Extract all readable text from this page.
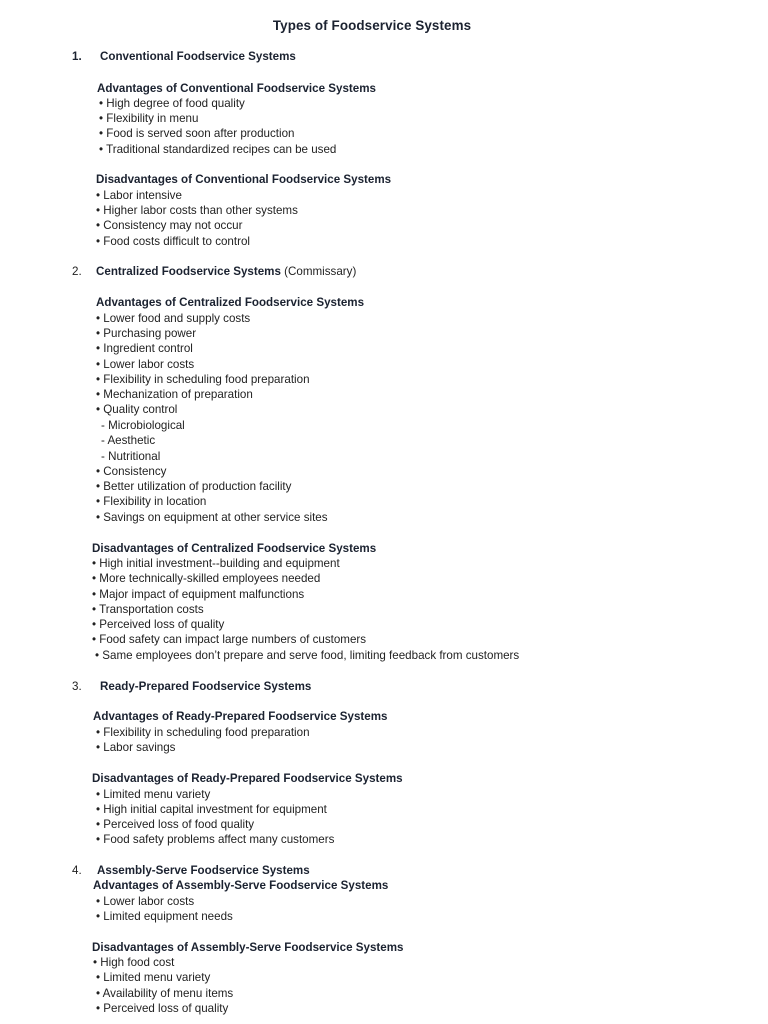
Types of Foodservice Systems
1. Conventional Foodservice Systems
Advantages of Conventional Foodservice Systems
• High degree of food quality
• Flexibility in menu
• Food is served soon after production
• Traditional standardized recipes can be used
Disadvantages of Conventional Foodservice Systems
• Labor intensive
• Higher labor costs than other systems
• Consistency may not occur
• Food costs difficult to control
2. Centralized Foodservice Systems (Commissary)
Advantages of Centralized Foodservice Systems
• Lower food and supply costs
• Purchasing power
• Ingredient control
• Lower labor costs
• Flexibility in scheduling food preparation
• Mechanization of preparation
• Quality control
- Microbiological
- Aesthetic
- Nutritional
• Consistency
• Better utilization of production facility
• Flexibility in location
• Savings on equipment at other service sites
Disadvantages of Centralized Foodservice Systems
• High initial investment--building and equipment
• More technically-skilled employees needed
• Major impact of equipment malfunctions
• Transportation costs
• Perceived loss of quality
• Food safety can impact large numbers of customers
• Same employees don’t prepare and serve food, limiting feedback from customers
3. Ready-Prepared Foodservice Systems
Advantages of Ready-Prepared Foodservice Systems
• Flexibility in scheduling food preparation
• Labor savings
Disadvantages of Ready-Prepared Foodservice Systems
• Limited menu variety
• High initial capital investment for equipment
• Perceived loss of food quality
• Food safety problems affect many customers
4. Assembly-Serve Foodservice Systems
Advantages of Assembly-Serve Foodservice Systems
• Lower labor costs
• Limited equipment needs
Disadvantages of Assembly-Serve Foodservice Systems
• High food cost
• Limited menu variety
• Availability of menu items
• Perceived loss of quality
